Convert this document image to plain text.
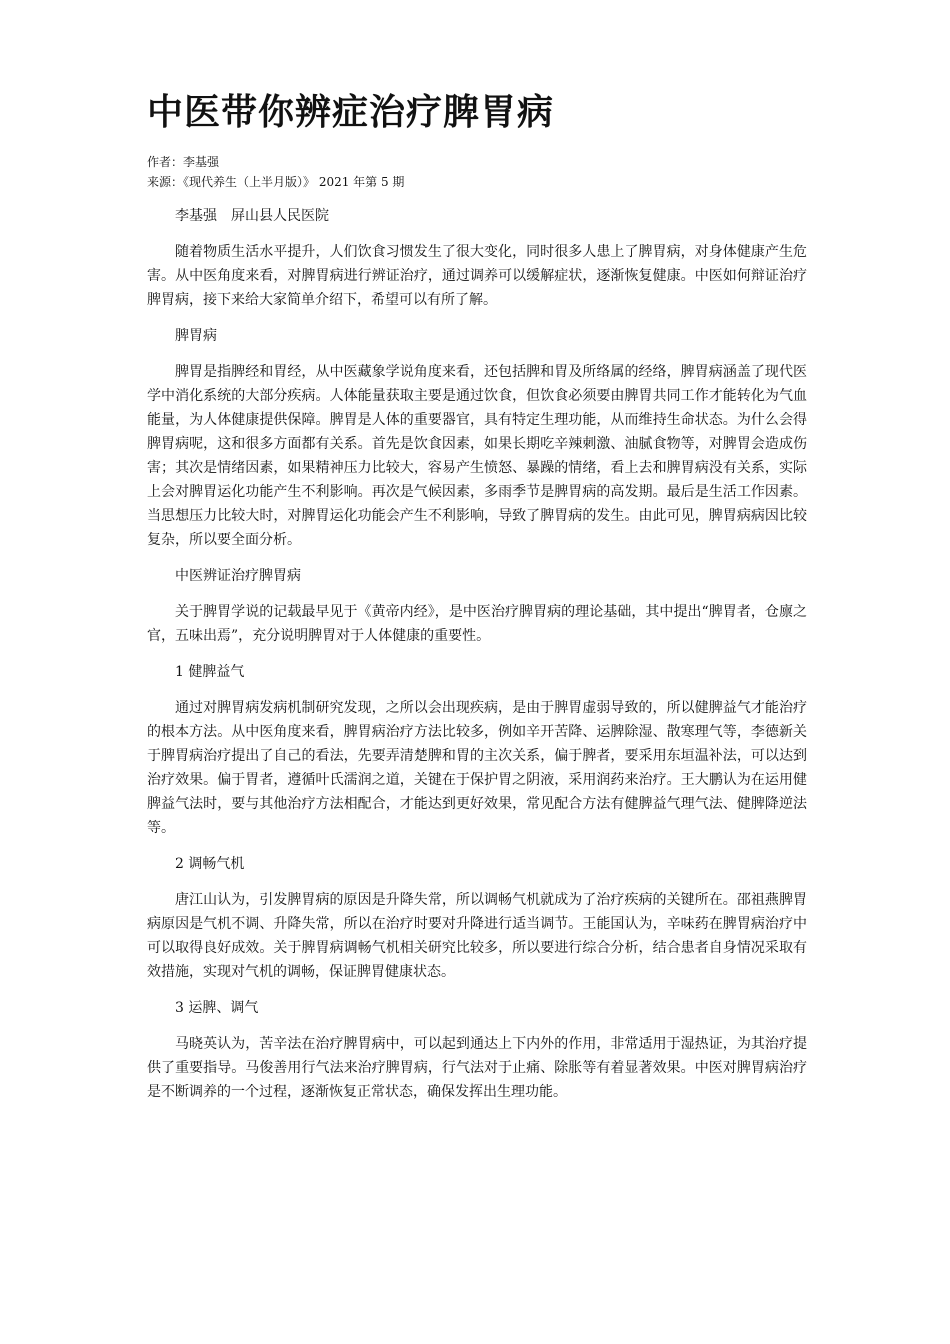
中医带你辨症治疗脾胃病
作者：李基强
来源：《现代养生（上半月版）》 2021 年第 5 期

李基强　屏山县人民医院

随着物质生活水平提升，人们饮食习惯发生了很大变化，同时很多人患上了脾胃病，对身体健康产生危害。从中医角度来看，对脾胃病进行辨证治疗，通过调养可以缓解症状，逐渐恢复健康。中医如何辩证治疗脾胃病，接下来给大家简单介绍下，希望可以有所了解。

脾胃病

脾胃是指脾经和胃经，从中医藏象学说角度来看，还包括脾和胃及所络属的经络，脾胃病涵盖了现代医学中消化系统的大部分疾病。人体能量获取主要是通过饮食，但饮食必须要由脾胃共同工作才能转化为气血能量，为人体健康提供保障。脾胃是人体的重要器官，具有特定生理功能，从而维持生命状态。为什么会得脾胃病呢，这和很多方面都有关系。首先是饮食因素，如果长期吃辛辣刺激、油腻食物等，对脾胃会造成伤害；其次是情绪因素，如果精神压力比较大，容易产生愤怒、暴躁的情绪，看上去和脾胃病没有关系，实际上会对脾胃运化功能产生不利影响。再次是气候因素，多雨季节是脾胃病的高发期。最后是生活工作因素。当思想压力比较大时，对脾胃运化功能会产生不利影响，导致了脾胃病的发生。由此可见，脾胃病病因比较复杂，所以要全面分析。

中医辨证治疗脾胃病

关于脾胃学说的记载最早见于《黄帝内经》，是中医治疗脾胃病的理论基础，其中提出“脾胃者，仓廪之官，五味出焉”，充分说明脾胃对于人体健康的重要性。

1 健脾益气

通过对脾胃病发病机制研究发现，之所以会出现疾病，是由于脾胃虚弱导致的，所以健脾益气才能治疗的根本方法。从中医角度来看，脾胃病治疗方法比较多，例如辛开苦降、运脾除湿、散寒理气等，李德新关于脾胃病治疗提出了自己的看法，先要弄清楚脾和胃的主次关系，偏于脾者，要采用东垣温补法，可以达到治疗效果。偏于胃者，遵循叶氏濡润之道，关键在于保护胃之阴液，采用润药来治疗。王大鹏认为在运用健脾益气法时，要与其他治疗方法相配合，才能达到更好效果，常见配合方法有健脾益气理气法、健脾降逆法等。

2 调畅气机

唐江山认为，引发脾胃病的原因是升降失常，所以调畅气机就成为了治疗疾病的关键所在。邵祖燕脾胃病原因是气机不调、升降失常，所以在治疗时要对升降进行适当调节。王能国认为，辛味药在脾胃病治疗中可以取得良好成效。关于脾胃病调畅气机相关研究比较多，所以要进行综合分析，结合患者自身情况采取有效措施，实现对气机的调畅，保证脾胃健康状态。

3 运脾、调气

马晓英认为，苦辛法在治疗脾胃病中，可以起到通达上下内外的作用，非常适用于湿热证，为其治疗提供了重要指导。马俊善用行气法来治疗脾胃病，行气法对于止痛、除胀等有着显著效果。中医对脾胃病治疗是不断调养的一个过程，逐渐恢复正常状态，确保发挥出生理功能。
